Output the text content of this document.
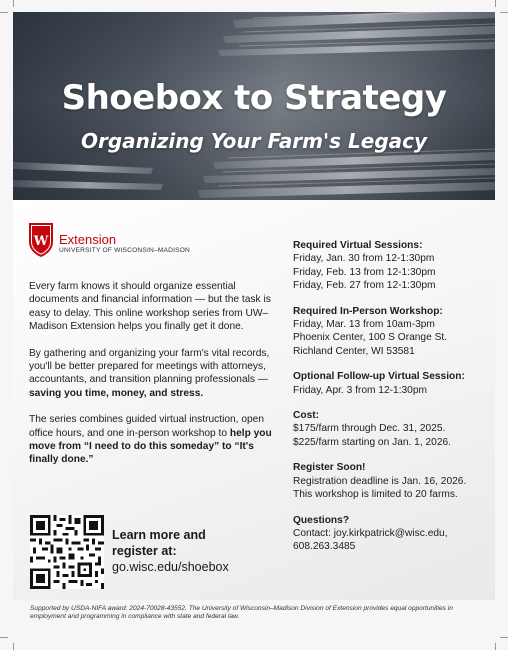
Shoebox to Strategy
Organizing Your Farm's Legacy
W Extension
UNIVERSITY OF WISCONSIN–MADISON

Every farm knows it should organize essential documents and financial information — but the task is easy to delay. This online workshop series from UW–Madison Extension helps you finally get it done.

By gathering and organizing your farm's vital records, you'll be better prepared for meetings with attorneys, accountants, and transition planning professionals — saving you time, money, and stress.

The series combines guided virtual instruction, open office hours, and one in-person workshop to help you move from “I need to do this someday” to “It's finally done.”

Learn more and
register at:
go.wisc.edu/shoebox
Required Virtual Sessions:
Friday, Jan. 30 from 12-1:30pm
Friday, Feb. 13 from 12-1:30pm
Friday, Feb. 27 from 12-1:30pm
Required In-Person Workshop:
Friday, Mar. 13 from 10am-3pm
Phoenix Center, 100 S Orange St.
Richland Center, WI 53581
Optional Follow-up Virtual Session:
Friday, Apr. 3 from 12-1:30pm
Cost:
$175/farm through Dec. 31, 2025.
$225/farm starting on Jan. 1, 2026.
Register Soon!
Registration deadline is Jan. 16, 2026.
This workshop is limited to 20 farms.
Questions?
Contact: joy.kirkpatrick@wisc.edu,
608.263.3485
Supported by USDA-NIFA award: 2024-70028-43552. The University of Wisconsin–Madison Division of Extension provides equal opportunities in employment and programming in compliance with state and federal law.
